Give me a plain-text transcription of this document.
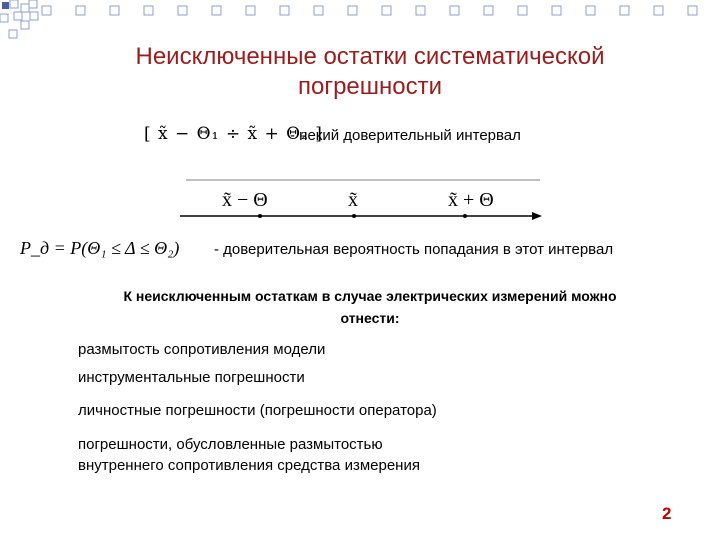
Неисключенные остатки систематической
погрешности
[ x̃ − Θ₁ ÷ x̃ + Θ₂ ]
- некий доверительный интервал
x̃ − Θ	x̃	x̃ + Θ
P_д = P(Θ₁ ≤ Δ ≤ Θ₂) - доверительная вероятность попадания в этот интервал
К неисключенным остаткам в случае электрических измерений можно
отнести:
размытость сопротивления модели
инструментальные погрешности
личностные погрешности (погрешности оператора)
погрешности, обусловленные размытостью
внутреннего сопротивления средства измерения
2
